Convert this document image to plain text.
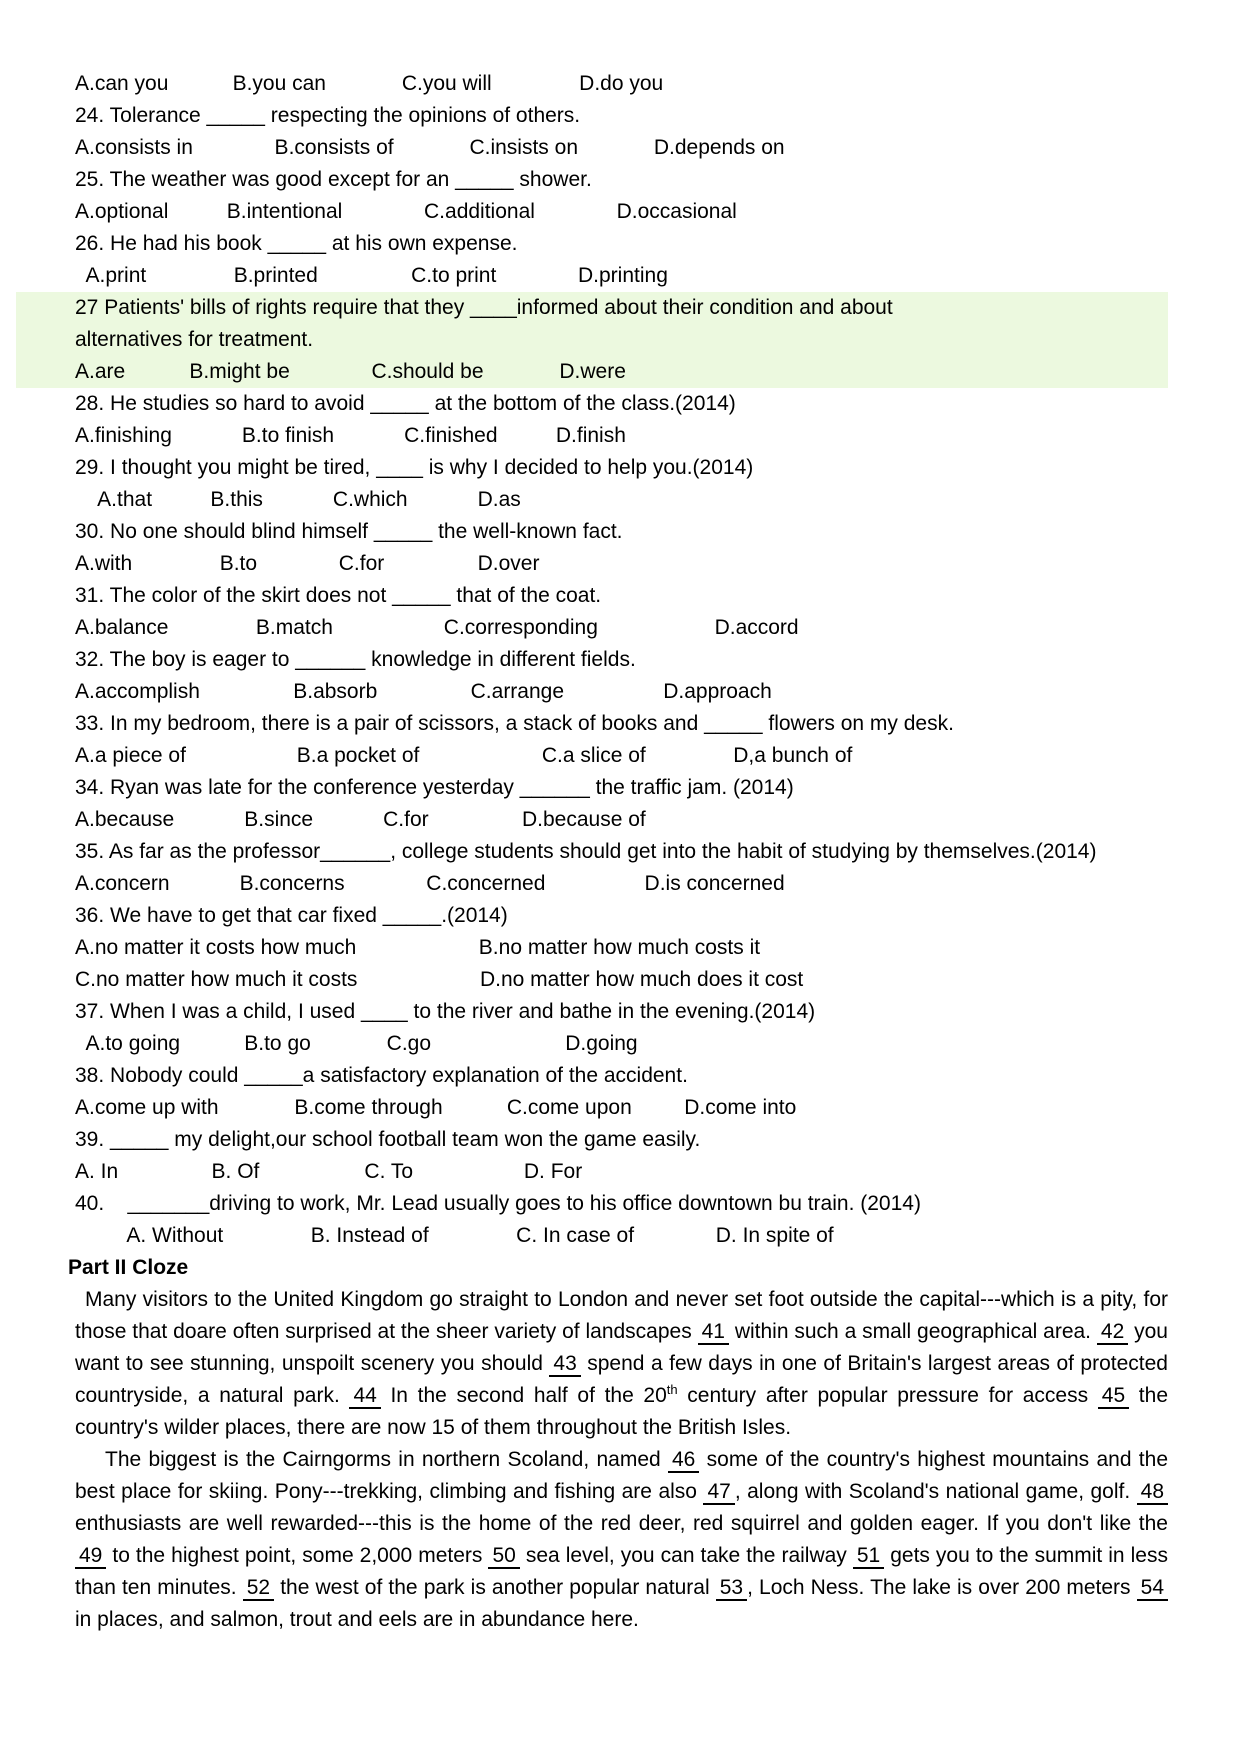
A.can you           B.you can             C.you will               D.do you
24. Tolerance _____ respecting the opinions of others.
A.consists in              B.consists of             C.insists on             D.depends on
25. The weather was good except for an _____ shower.
A.optional          B.intentional              C.additional              D.occasional
26. He had his book _____ at his own expense.
A.print               B.printed                C.to print              D.printing
27 Patients' bills of rights require that they ____informed about their condition and about
alternatives for treatment.
A.are           B.might be              C.should be             D.were
28. He studies so hard to avoid _____ at the bottom of the class.(2014)
A.finishing            B.to finish            C.finished          D.finish
29. I thought you might be tired, ____ is why I decided to help you.(2014)
A.that          B.this            C.which            D.as
30. No one should blind himself _____ the well-known fact.
A.with               B.to              C.for                D.over
31. The color of the skirt does not _____ that of the coat.
A.balance               B.match                   C.corresponding                    D.accord
32. The boy is eager to ______ knowledge in different fields.
A.accomplish                B.absorb                C.arrange                 D.approach
33. In my bedroom, there is a pair of scissors, a stack of books and _____ flowers on my desk.
A.a piece of                   B.a pocket of                     C.a slice of               D,a bunch of
34. Ryan was late for the conference yesterday ______ the traffic jam. (2014)
A.because            B.since            C.for                D.because of
35. As far as the professor______, college students should get into the habit of studying by themselves.(2014)
A.concern            B.concerns              C.concerned                 D.is concerned
36. We have to get that car fixed _____.(2014)
A.no matter it costs how much                     B.no matter how much costs it
C.no matter how much it costs                     D.no matter how much does it cost
37. When I was a child, I used ____ to the river and bathe in the evening.(2014)
A.to going           B.to go             C.go                       D.going
38. Nobody could _____a satisfactory explanation of the accident.
A.come up with             B.come through           C.come upon         D.come into
39. _____ my delight,our school football team won the game easily.
A. In                B. Of                  C. To                   D. For
40.    _______driving to work, Mr. Lead usually goes to his office downtown bu train. (2014)
A. Without               B. Instead of               C. In case of              D. In spite of
Part II Cloze

Many visitors to the United Kingdom go straight to London and never set foot outside the capital---which is a pity, for those that doare often surprised at the sheer variety of landscapes 41 within such a small geographical area. 42 you want to see stunning, unspoilt scenery you should 43 spend a few days in one of Britain's largest areas of protected countryside, a natural park. 44 In the second half of the 20th century after popular pressure for access 45 the country's wilder places, there are now 15 of them throughout the British Isles.

The biggest is the Cairngorms in northern Scoland, named 46 some of the country's highest mountains and the best place for skiing. Pony---trekking, climbing and fishing are also 47 , along with Scoland's national game, golf. 48 enthusiasts are well rewarded---this is the home of the red deer, red squirrel and golden eager. If you don't like the 49 to the highest point, some 2,000 meters 50 sea level, you can take the railway 51 gets you to the summit in less than ten minutes. 52 the west of the park is another popular natural 53 , Loch Ness. The lake is over 200 meters 54 in places, and salmon, trout and eels are in abundance here.
